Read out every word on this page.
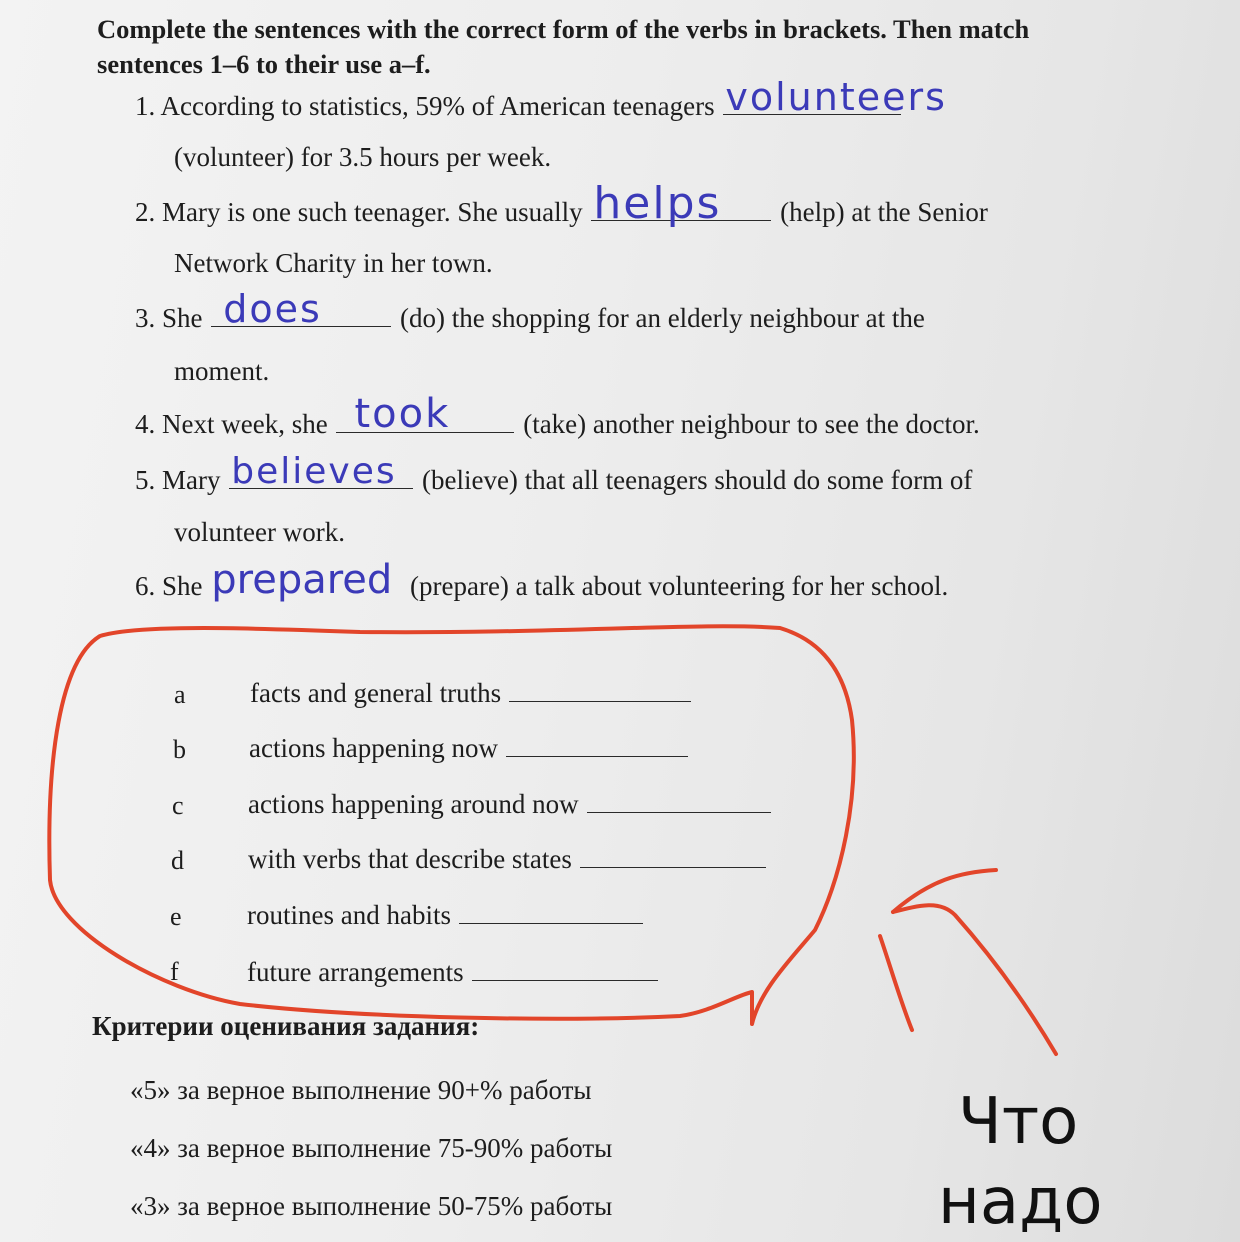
Complete the sentences with the correct form of the verbs in brackets. Then match sentences 1–6 to their use a–f.
1. According to statistics, 59% of American teenagers volunteers
(volunteer) for 3.5 hours per week.
2. Mary is one such teenager. She usually helps (help) at the Senior
Network Charity in her town.
3. She does	(do) the shopping for an elderly neighbour at the
moment.
4. Next week, she took	(take) another neighbour to see the doctor.
5. Mary believes (believe) that all teenagers should do some form of
volunteer work.
6. She prepared (prepare) a talk about volunteering for her school.
a facts and general truths
b actions happening now
c actions happening around now
d with verbs that describe states
e routines and habits
f	future arrangements
Критерии оценивания задания:
«5» за верное выполнение 90+% работы
«4» за верное выполнение 75-90% работы
«3» за верное выполнение 50-75% работы
Что
надо
